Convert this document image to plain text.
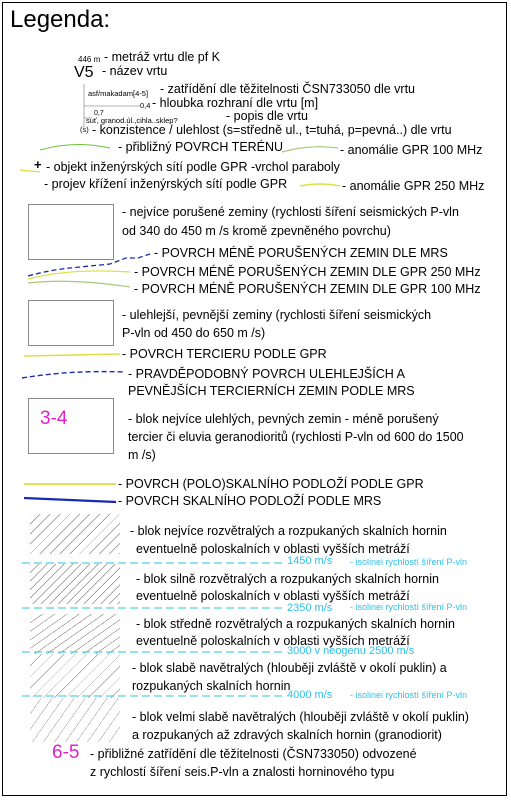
Legenda:
446 m - metráž vrtu dle pf K
V5 - název vrtu
asf/makadam[4-5] - zatřídění dle těžitelnosti ČSN733050 dle vrtu
0,4 - hloubka rozhraní dle vrtu [m]
0,7
suť, granod.úl.,cihla..sklep?	- popis dle vrtu
(s) - konzistence / ulehlost (s=středně ul., t=tuhá, p=pevná..) dle vrtu
- přibližný POVRCH TERÉNU	- anomálie GPR 100 MHz
+ - objekt inženýrských sítí podle GPR -vrchol paraboly
- projev křížení inženýrských sítí podle GPR	- anomálie GPR 250 MHz
- nejvíce porušené zeminy (rychlosti šíření seismických P-vln
od 340 do 450 m /s kromě zpevněného povrchu)
- POVRCH MÉNĚ PORUŠENÝCH ZEMIN DLE MRS
- POVRCH MÉNĚ PORUŠENÝCH ZEMIN DLE GPR 250 MHz
- POVRCH MÉNĚ PORUŠENÝCH ZEMIN DLE GPR 100 MHz
- ulehlejší, pevnější zeminy (rychlosti šíření seismických
P-vln od 450 do 650 m /s)
- POVRCH TERCIERU PODLE GPR
- PRAVDĚPODOBNÝ POVRCH ULEHLEJŠÍCH A
PEVNĚJŠÍCH TERCIERNÍCH ZEMIN PODLE MRS
3-4	- blok nejvíce ulehlých, pevných zemin - méně porušený
tercier či eluvia geranodioritů (rychlosti P-vln od 600 do 1500
m /s)
- POVRCH (POLO)SKALNÍHO PODLOŽÍ PODLE GPR
- POVRCH SKALNÍHO PODLOŽÍ PODLE MRS
- blok nejvíce rozvětralých a rozpukaných skalních hornin
eventuelně poloskalních v oblasti vyšších metráží
- blok silně rozvětralých a rozpukaných skalních hornin
eventuelně poloskalních v oblasti vyšších metráží
- blok středně rozvětralých a rozpukaných skalních hornin
eventuelně poloskalních v oblasti vyšších metráží
- blok slabě navětralých (hlouběji zvláště v okolí puklin) a
rozpukaných skalních hornin
- blok velmi slabě navětralých (hlouběji zvláště v okolí puklin)
a rozpukaných až zdravých skalních hornin (granodiorit)
1450 m/s - isolinei rychlostí šíření P-vln
2350 m/s - isolinei rychlostí šíření P-vln
3000 v neogenu 2500 m/s
4000 m/s - isolinei rychlostí šíření P-vln
6-5 - přibližné zatřídění dle těžitelnosti (ČSN733050) odvozené
z rychlostí šíření seis.P-vln a znalosti horninového typu
